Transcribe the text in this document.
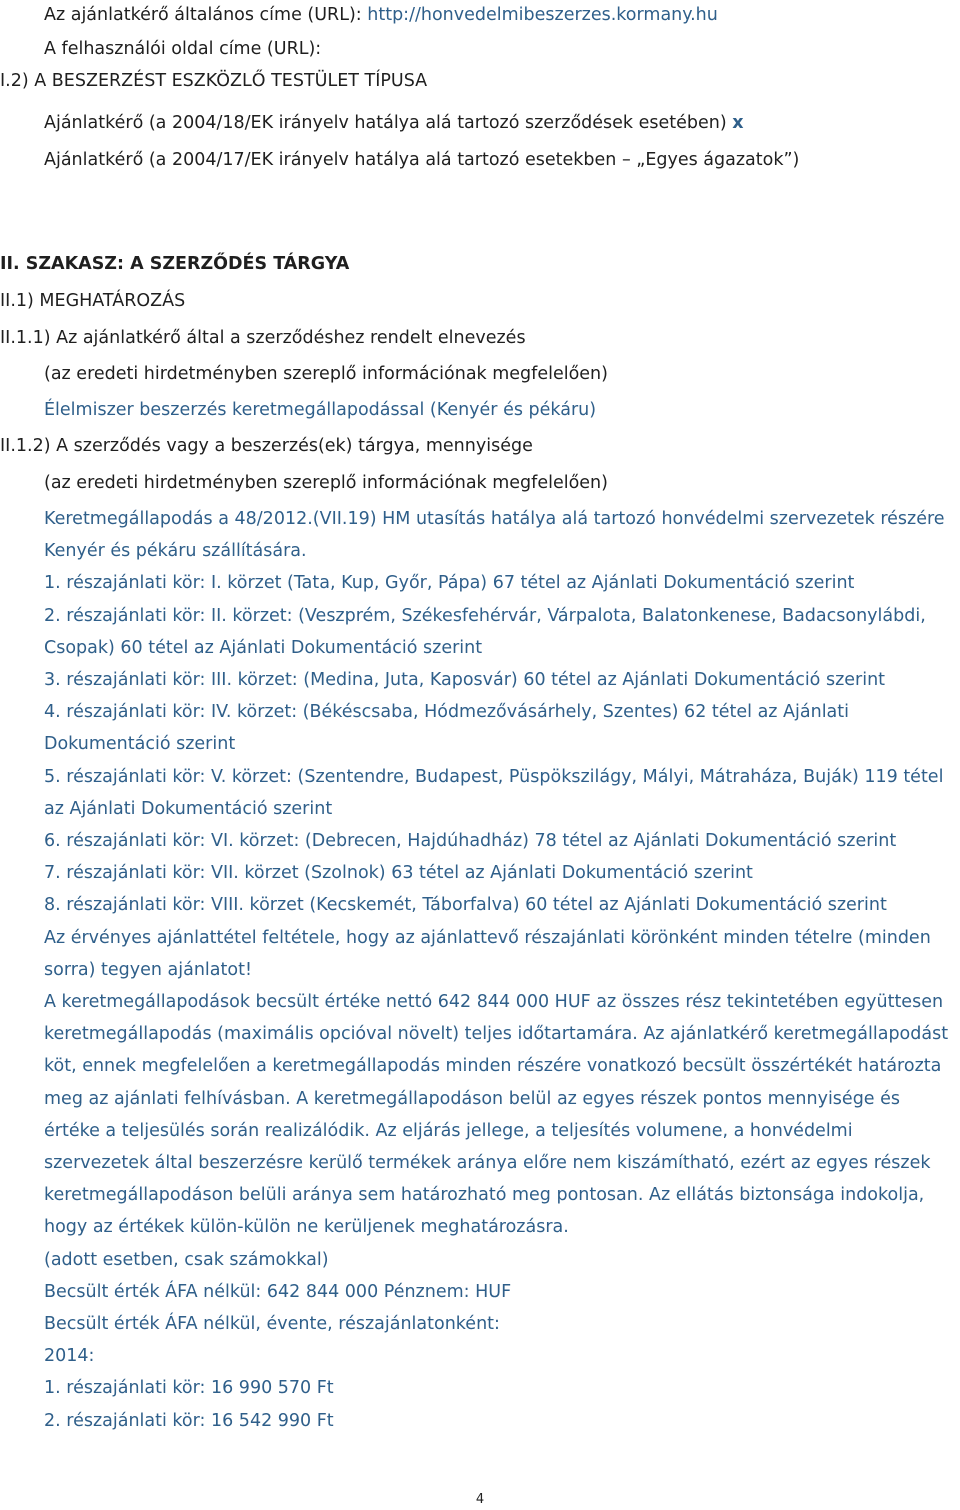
Az ajánlatkérő általános címe (URL): http://honvedelmibeszerzes.kormany.hu
A felhasználói oldal címe (URL):
I.2) A BESZERZÉST ESZKÖZLŐ TESTÜLET TÍPUSA
Ajánlatkérő (a 2004/18/EK irányelv hatálya alá tartozó szerződések esetében) x
Ajánlatkérő (a 2004/17/EK irányelv hatálya alá tartozó esetekben – „Egyes ágazatok”)
II. SZAKASZ: A SZERZŐDÉS TÁRGYA
II.1) MEGHATÁROZÁS
II.1.1) Az ajánlatkérő által a szerződéshez rendelt elnevezés
(az eredeti hirdetményben szereplő információnak megfelelően)
Élelmiszer beszerzés keretmegállapodással (Kenyér és pékáru)
II.1.2) A szerződés vagy a beszerzés(ek) tárgya, mennyisége
(az eredeti hirdetményben szereplő információnak megfelelően)
Keretmegállapodás a 48/2012.(VII.19) HM utasítás hatálya alá tartozó honvédelmi szervezetek részére Kenyér és pékáru szállítására.
1. részajánlati kör: I. körzet (Tata, Kup, Győr, Pápa) 67 tétel az Ajánlati Dokumentáció szerint
2. részajánlati kör: II. körzet: (Veszprém, Székesfehérvár, Várpalota, Balatonkenese, Badacsonylábdi, Csopak) 60 tétel az Ajánlati Dokumentáció szerint
3. részajánlati kör: III. körzet: (Medina, Juta, Kaposvár) 60 tétel az Ajánlati Dokumentáció szerint
4. részajánlati kör: IV. körzet: (Békéscsaba, Hódmezővásárhely, Szentes) 62 tétel az Ajánlati Dokumentáció szerint
5. részajánlati kör: V. körzet: (Szentendre, Budapest, Püspökszilágy, Mályi, Mátraháza, Buják) 119 tétel az Ajánlati Dokumentáció szerint
6. részajánlati kör: VI. körzet: (Debrecen, Hajdúhadház) 78 tétel az Ajánlati Dokumentáció szerint
7. részajánlati kör: VII. körzet (Szolnok) 63 tétel az Ajánlati Dokumentáció szerint
8. részajánlati kör: VIII. körzet (Kecskemét, Táborfalva) 60 tétel az Ajánlati Dokumentáció szerint
Az érvényes ajánlattétel feltétele, hogy az ajánlattevő részajánlati körönként minden tételre (minden sorra) tegyen ajánlatot!
A keretmegállapodások becsült értéke nettó 642 844 000 HUF az összes rész tekintetében együttesen keretmegállapodás (maximális opcióval növelt) teljes időtartamára. Az ajánlatkérő keretmegállapodást köt, ennek megfelelően a keretmegállapodás minden részére vonatkozó becsült összértékét határozta meg az ajánlati felhívásban. A keretmegállapodáson belül az egyes részek pontos mennyisége és értéke a teljesülés során realizálódik. Az eljárás jellege, a teljesítés volumene, a honvédelmi szervezetek által beszerzésre kerülő termékek aránya előre nem kiszámítható, ezért az egyes részek keretmegállapodáson belüli aránya sem határozható meg pontosan. Az ellátás biztonsága indokolja, hogy az értékek külön-külön ne kerüljenek meghatározásra.
(adott esetben, csak számokkal)
Becsült érték ÁFA nélkül: 642 844 000 Pénznem: HUF
Becsült érték ÁFA nélkül, évente, részajánlatonként:
2014:
1. részajánlati kör: 16 990 570 Ft
2. részajánlati kör: 16 542 990 Ft
4
